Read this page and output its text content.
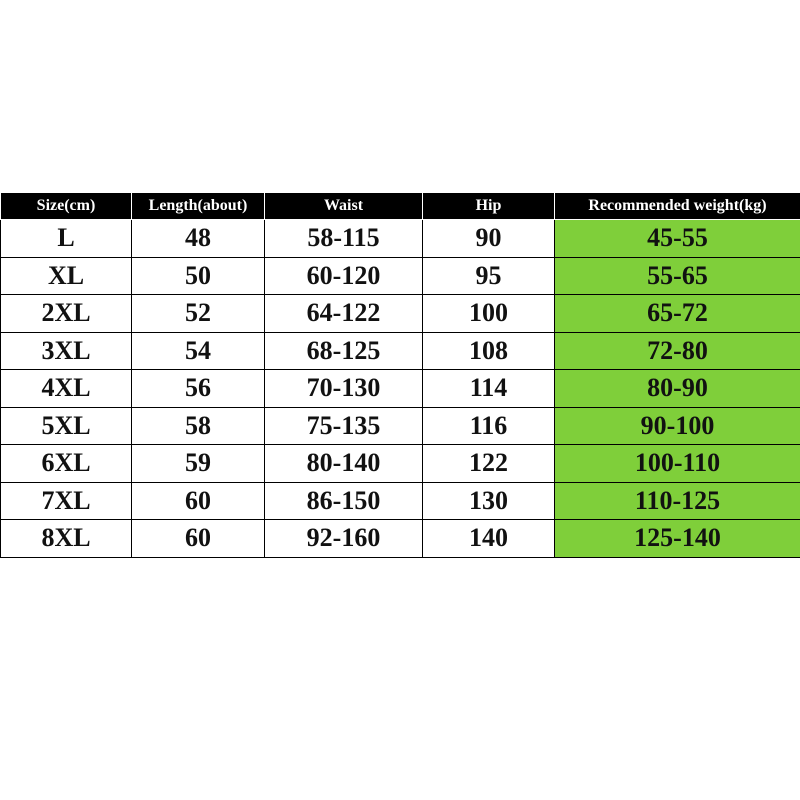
Size(cm)	Length(about)	Waist	Hip	Recommended weight(kg)
L	48	58-115	90	45-55
XL	50	60-120	95	55-65
2XL	52	64-122	100	65-72
3XL	54	68-125	108	72-80
4XL	56	70-130	114	80-90
5XL	58	75-135	116	90-100
6XL	59	80-140	122	100-110
7XL	60	86-150	130	110-125
8XL	60	92-160	140	125-140
